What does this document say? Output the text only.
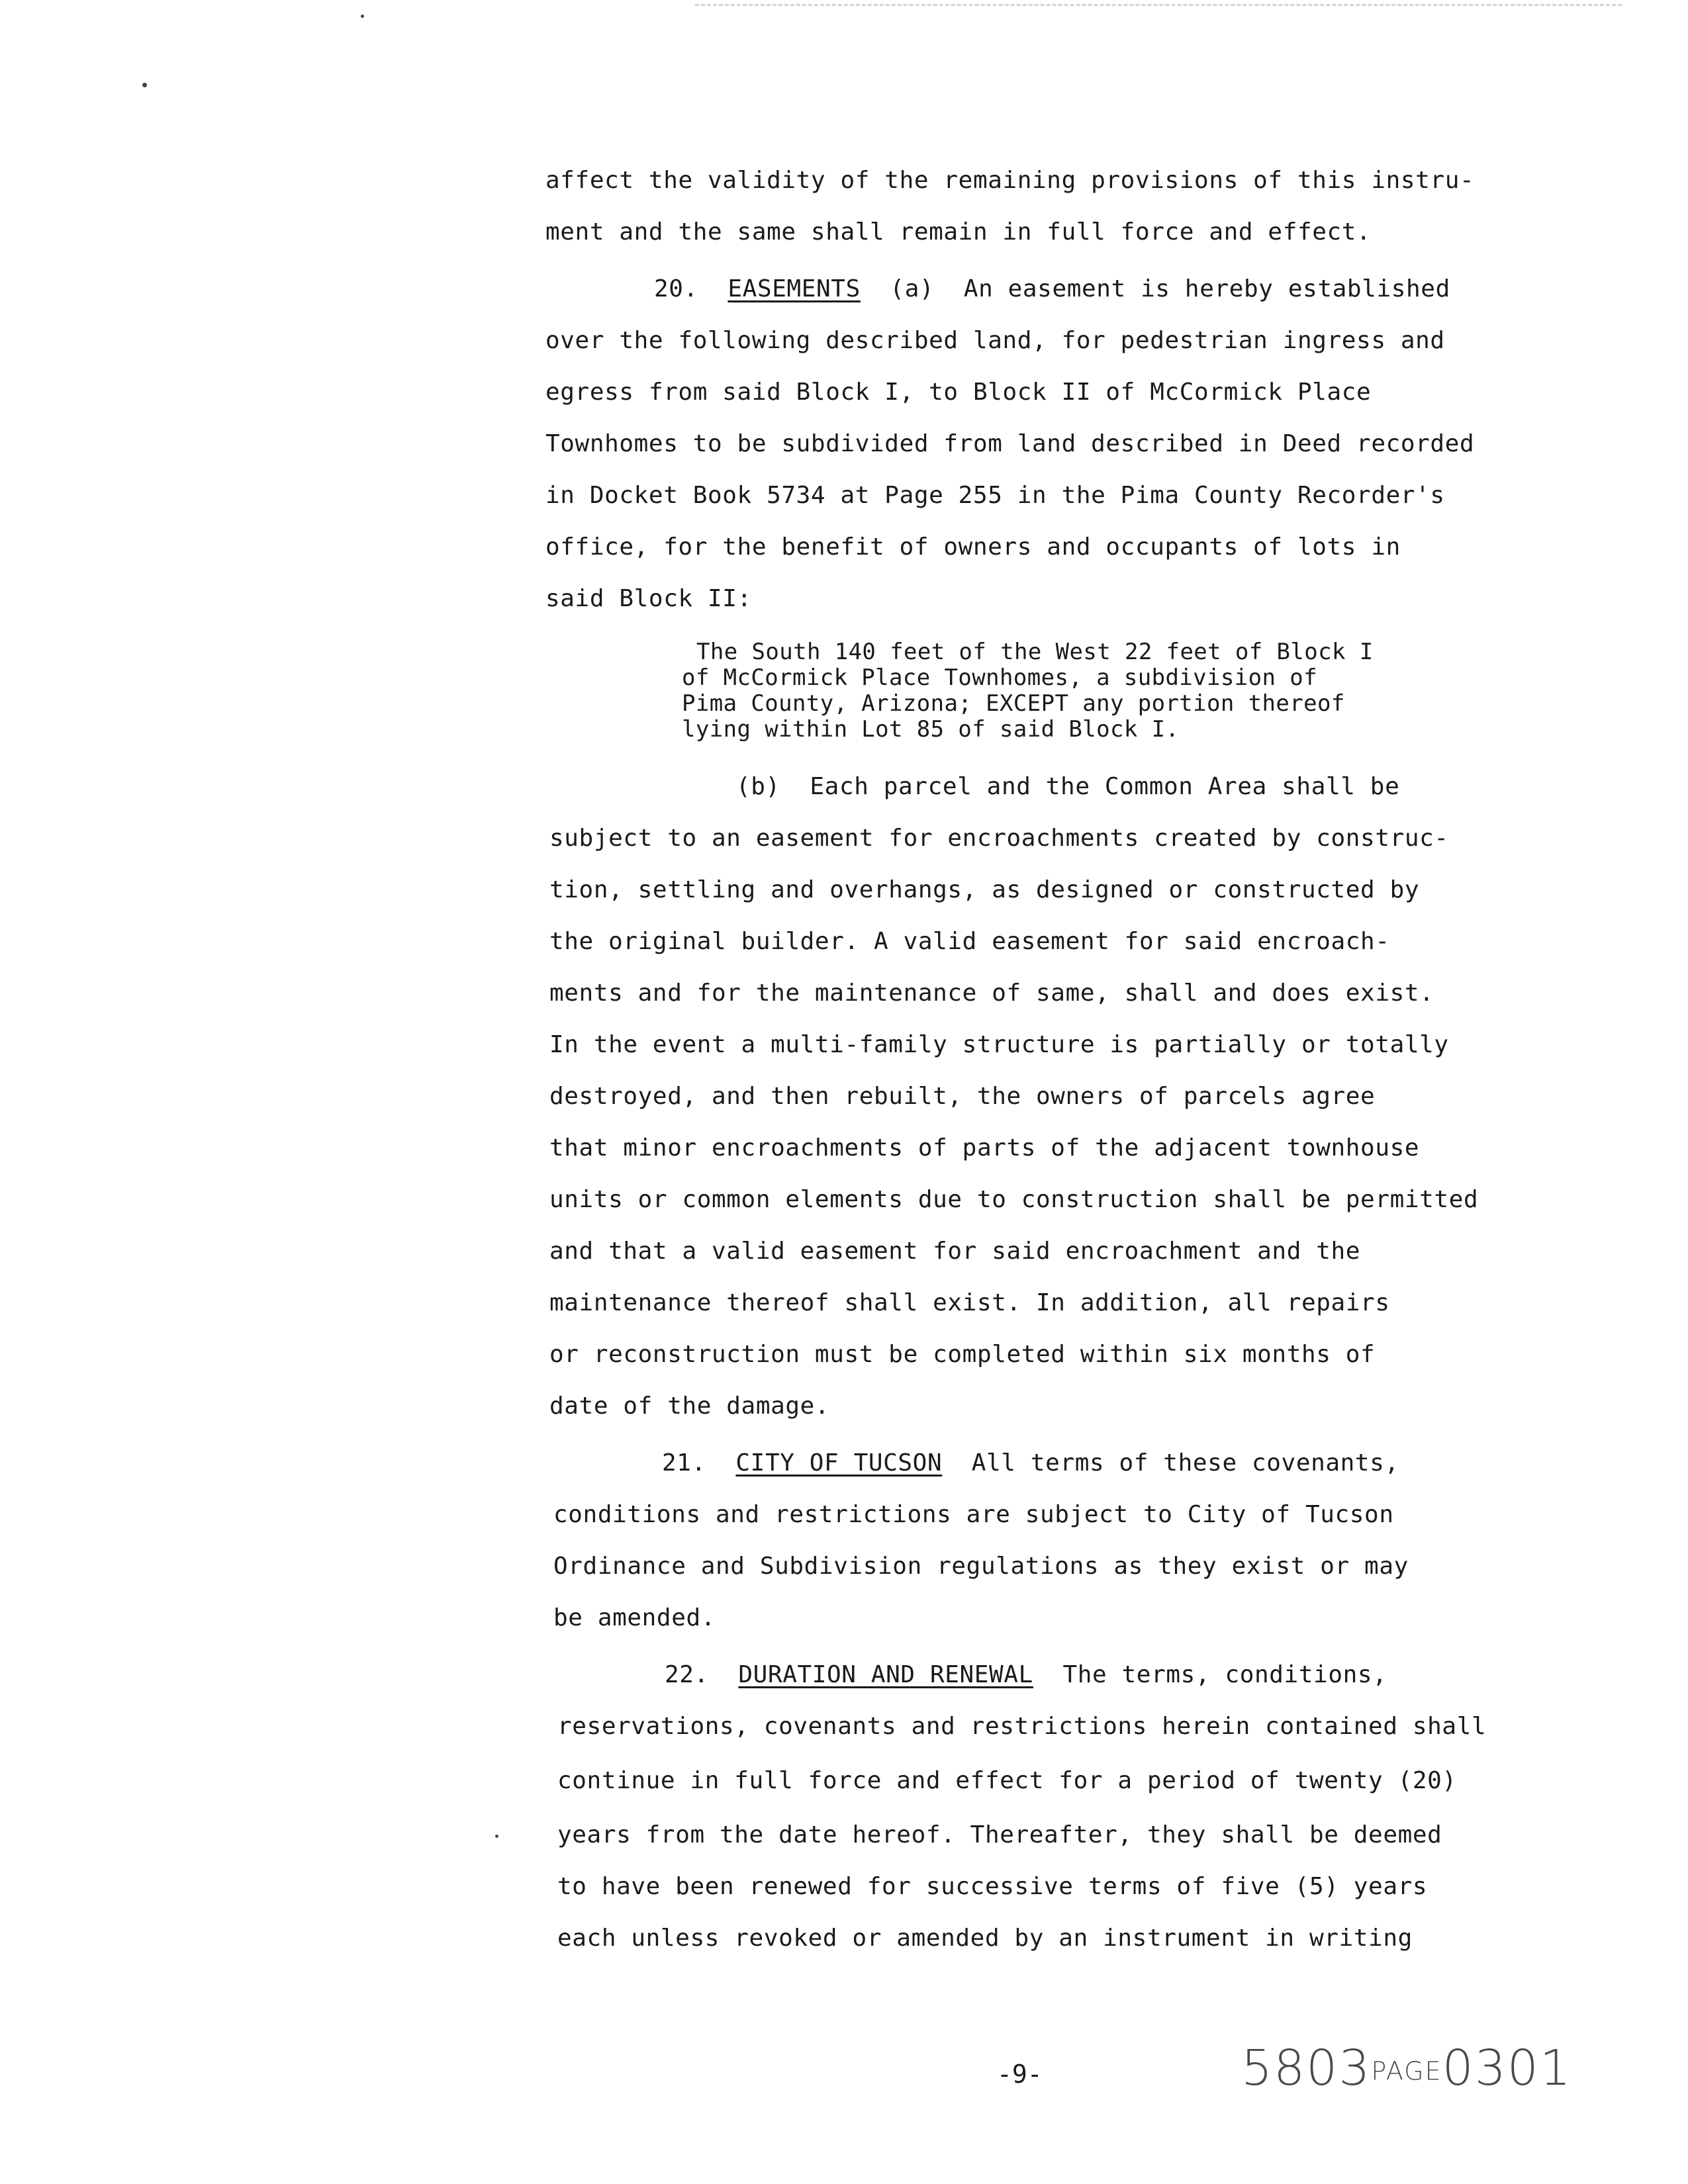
affect the validity of the remaining provisions of this instru-
ment and the same shall remain in full force and effect.
20. EASEMENTS (a) An easement is hereby established
over the following described land, for pedestrian ingress and
egress from said Block I, to Block II of McCormick Place
Townhomes to be subdivided from land described in Deed recorded
in Docket Book 5734 at Page 255 in the Pima County Recorder's
office, for the benefit of owners and occupants of lots in
said Block II:
The South 140 feet of the West 22 feet of Block I
of McCormick Place Townhomes, a subdivision of
Pima County, Arizona; EXCEPT any portion thereof
lying within Lot 85 of said Block I.
(b) Each parcel and the Common Area shall be
subject to an easement for encroachments created by construc-
tion, settling and overhangs, as designed or constructed by
the original builder. A valid easement for said encroach-
ments and for the maintenance of same, shall and does exist.
In the event a multi-family structure is partially or totally
destroyed, and then rebuilt, the owners of parcels agree
that minor encroachments of parts of the adjacent townhouse
units or common elements due to construction shall be permitted
and that a valid easement for said encroachment and the
maintenance thereof shall exist. In addition, all repairs
or reconstruction must be completed within six months of
date of the damage.
21. CITY OF TUCSON All terms of these covenants,
conditions and restrictions are subject to City of Tucson
Ordinance and Subdivision regulations as they exist or may
be amended.
22. DURATION AND RENEWAL The terms, conditions,
reservations, covenants and restrictions herein contained shall
continue in full force and effect for a period of twenty (20)
years from the date hereof. Thereafter, they shall be deemed
to have been renewed for successive terms of five (5) years
each unless revoked or amended by an instrument in writing
-9-	5803PAGE0301
